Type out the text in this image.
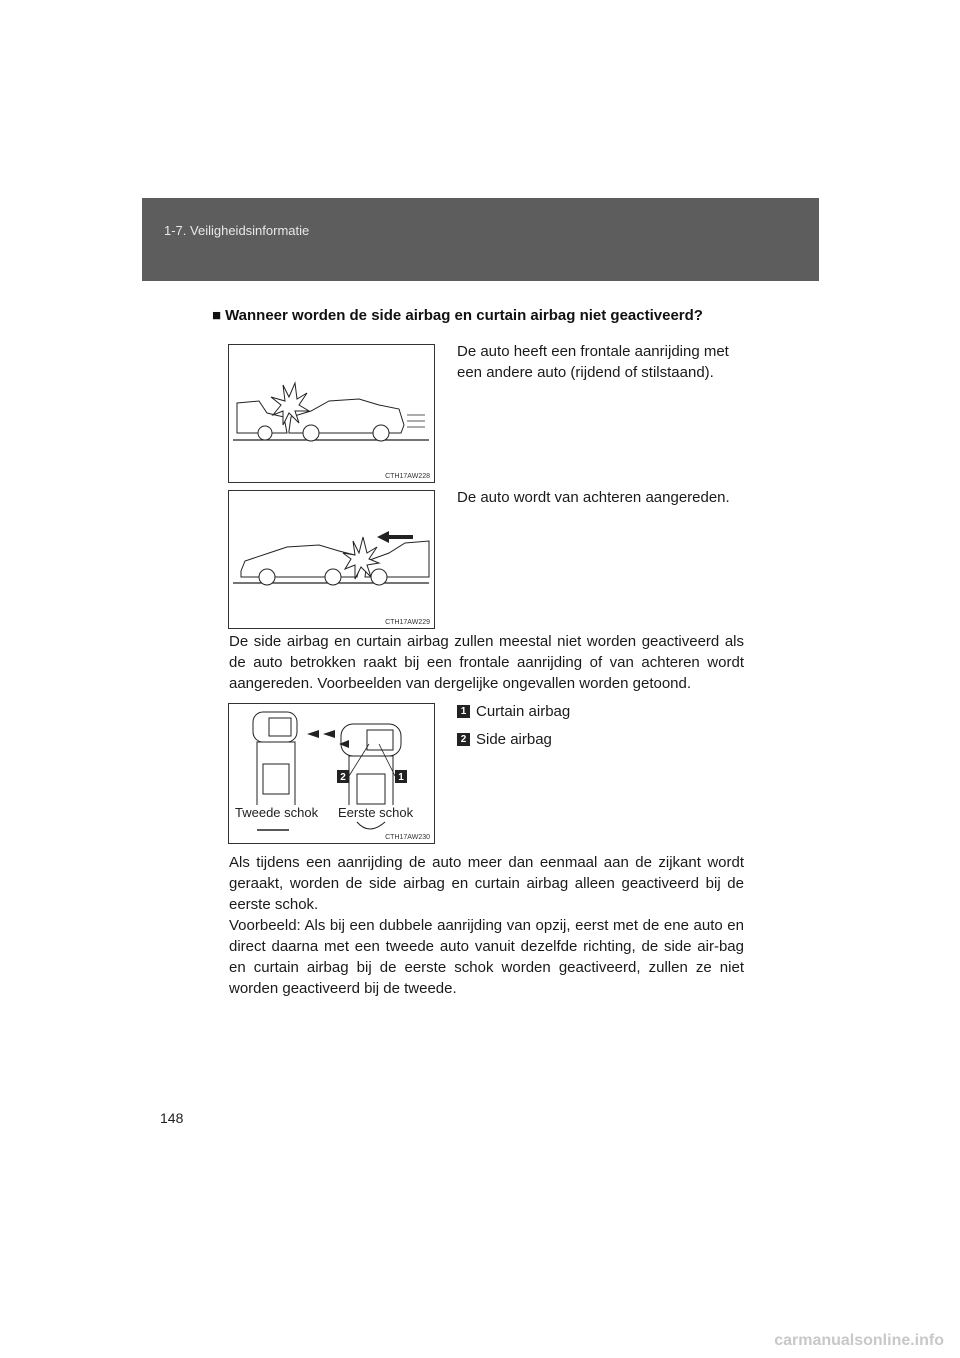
1-7. Veiligheidsinformatie
■ Wanneer worden de side airbag en curtain airbag niet geactiveerd?
CTH17AW228
De auto heeft een frontale aanrijding met een andere auto (rijdend of stilstaand).
CTH17AW229
De auto wordt van achteren aangereden.
De side airbag en curtain airbag zullen meestal niet worden geactiveerd als de auto betrokken raakt bij een frontale aanrijding of van achteren wordt aangereden. Voorbeelden van dergelijke ongevallen worden getoond.
2	1
Tweede schok Eerste schok
CTH17AW230
1 Curtain airbag
2 Side airbag
Als tijdens een aanrijding de auto meer dan eenmaal aan de zijkant wordt geraakt, worden de side airbag en curtain airbag alleen geactiveerd bij de eerste schok.
Voorbeeld: Als bij een dubbele aanrijding van opzij, eerst met de ene auto en direct daarna met een tweede auto vanuit dezelfde richting, de side air-bag en curtain airbag bij de eerste schok worden geactiveerd, zullen ze niet worden geactiveerd bij de tweede.
148
carmanualsonline.info
